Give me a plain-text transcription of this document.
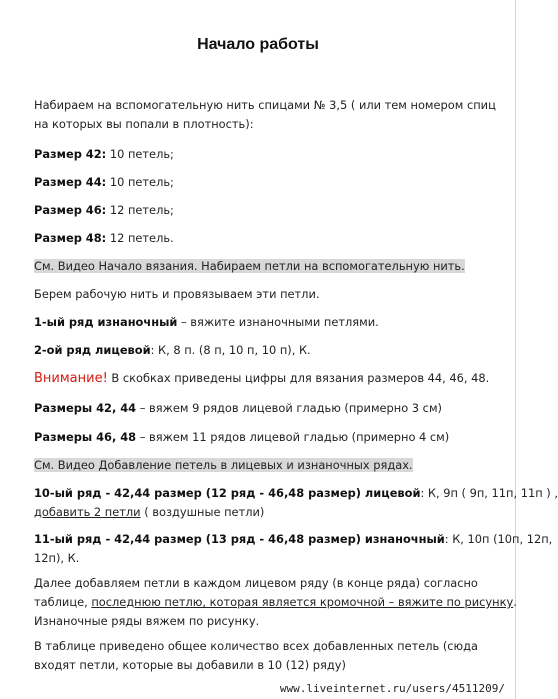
Начало работы
Набираем на вспомогательную нить спицами № 3,5 ( или тем номером спиц
на которых вы попали в плотность):
Размер 42: 10 петель;
Размер 44: 10 петель;
Размер 46: 12 петель;
Размер 48: 12 петель.
См. Видео Начало вязания. Набираем петли на вспомогательную нить.
Берем рабочую нить и провязываем эти петли.
1-ый ряд изнаночный – вяжите изнаночными петлями.
2-ой ряд лицевой: К, 8 п. (8 п, 10 п, 10 п), К.
Внимание! В скобках приведены цифры для вязания размеров 44, 46, 48.
Размеры 42, 44 – вяжем 9 рядов лицевой гладью (примерно 3 см)
Размеры 46, 48 – вяжем 11 рядов лицевой гладью (примерно 4 см)
См. Видео Добавление петель в лицевых и изнаночных рядах.
10-ый ряд - 42,44 размер (12 ряд - 46,48 размер) лицевой: К, 9п ( 9п, 11п, 11п ) ,
добавить 2 петли ( воздушные петли)
11-ый ряд - 42,44 размер (13 ряд - 46,48 размер) изнаночный: К, 10п (10п, 12п,
12п), К.
Далее добавляем петли в каждом лицевом ряду (в конце ряда) согласно
таблице, последнюю петлю, которая является кромочной – вяжите по рисунку.
Изнаночные ряды вяжем по рисунку.
В таблице приведено общее количество всех добавленных петель (сюда
входят петли, которые вы добавили в 10 (12) ряду)
www.liveinternet.ru/users/4511209/
